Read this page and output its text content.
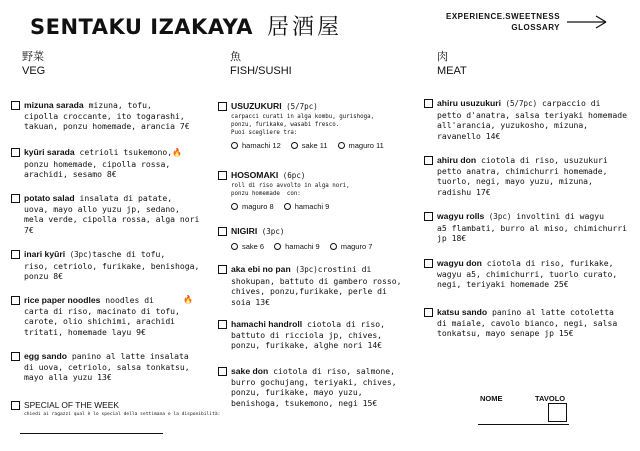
SENTAKU IZAKAYA 居酒屋	EXPERIENCE.SWEETNESS
GLOSSARY
野菜
VEG
魚
FISH/SUSHI
肉
MEAT
mizuna sarada mizuna, tofu,
cipolla croccante, ito togarashi,
takuan, ponzu homemade, arancia 7€
kyūri sarada cetrioli tsukemono,🔥
ponzu homemade, cipolla rossa,
arachidi, sesamo 8€
potato salad insalata di patate,
uova, mayo allo yuzu jp, sedano,
mela verde, cipolla rossa, alga nori
7€
inari kyūri (3pc)tasche di tofu,
riso, cetriolo, furikake, benishoga,
ponzu 8€
rice paper noodles noodles di	🔥
carta di riso, macinato di tofu,
carote, olio shichimi, arachidi
tritati, homemade layu 9€
egg sando panino al latte insalata
di uova, cetriolo, salsa tonkatsu,
mayo alla yuzu 13€
SPECIAL OF THE WEEK
chiedi ai ragazzi qual è lo special della settimana e la disponibilità:
USUZUKURI (5/7pc)
carpacci curati in alga kombu, gurishoga,
ponzu, furikake, wasabi fresco.
Puoi scegliere tra:
hamachi 12	sake 11	maguro 11
HOSOMAKI (6pc)
roll di riso avvolto in alga nori,
ponzu homemade  con:
maguro 8	hamachi 9
NIGIRI (3pc)
sake 6	hamachi 9	maguro 7
aka ebi no pan (3pc)crostini di
shokupan, battuto di gambero rosso,
chives, ponzu,furikake, perle di
soia 13€
hamachi handroll ciotola di riso,
battuto di ricciola jp, chives,
ponzu, furikake, alghe nori 14€
sake don ciotola di riso, salmone,
burro gochujang, teriyaki, chives,
ponzu, furikake, mayo yuzu,
benishoga, tsukemono, negi 15€
ahiru usuzukuri (5/7pc) carpaccio di
petto d'anatra, salsa teriyaki homemade
all'arancia, yuzukosho, mizuna,
ravanello 14€
ahiru don ciotola di riso, usuzukuri
petto anatra, chimichurri homemade,
tuorlo, negi, mayo yuzu, mizuna,
radishu 17€
wagyu rolls (3pc) involtini di wagyu
a5 flambati, burro al miso, chimichurri
jp 18€
wagyu don ciotola di riso, furikake,
wagyu a5, chimichurri, tuorlo curato,
negi, teriyaki homemade 25€
katsu sando panino al latte cotoletta
di maiale, cavolo bianco, negi, salsa
tonkatsu, mayo senape jp 15€
NOME	TAVOLO
